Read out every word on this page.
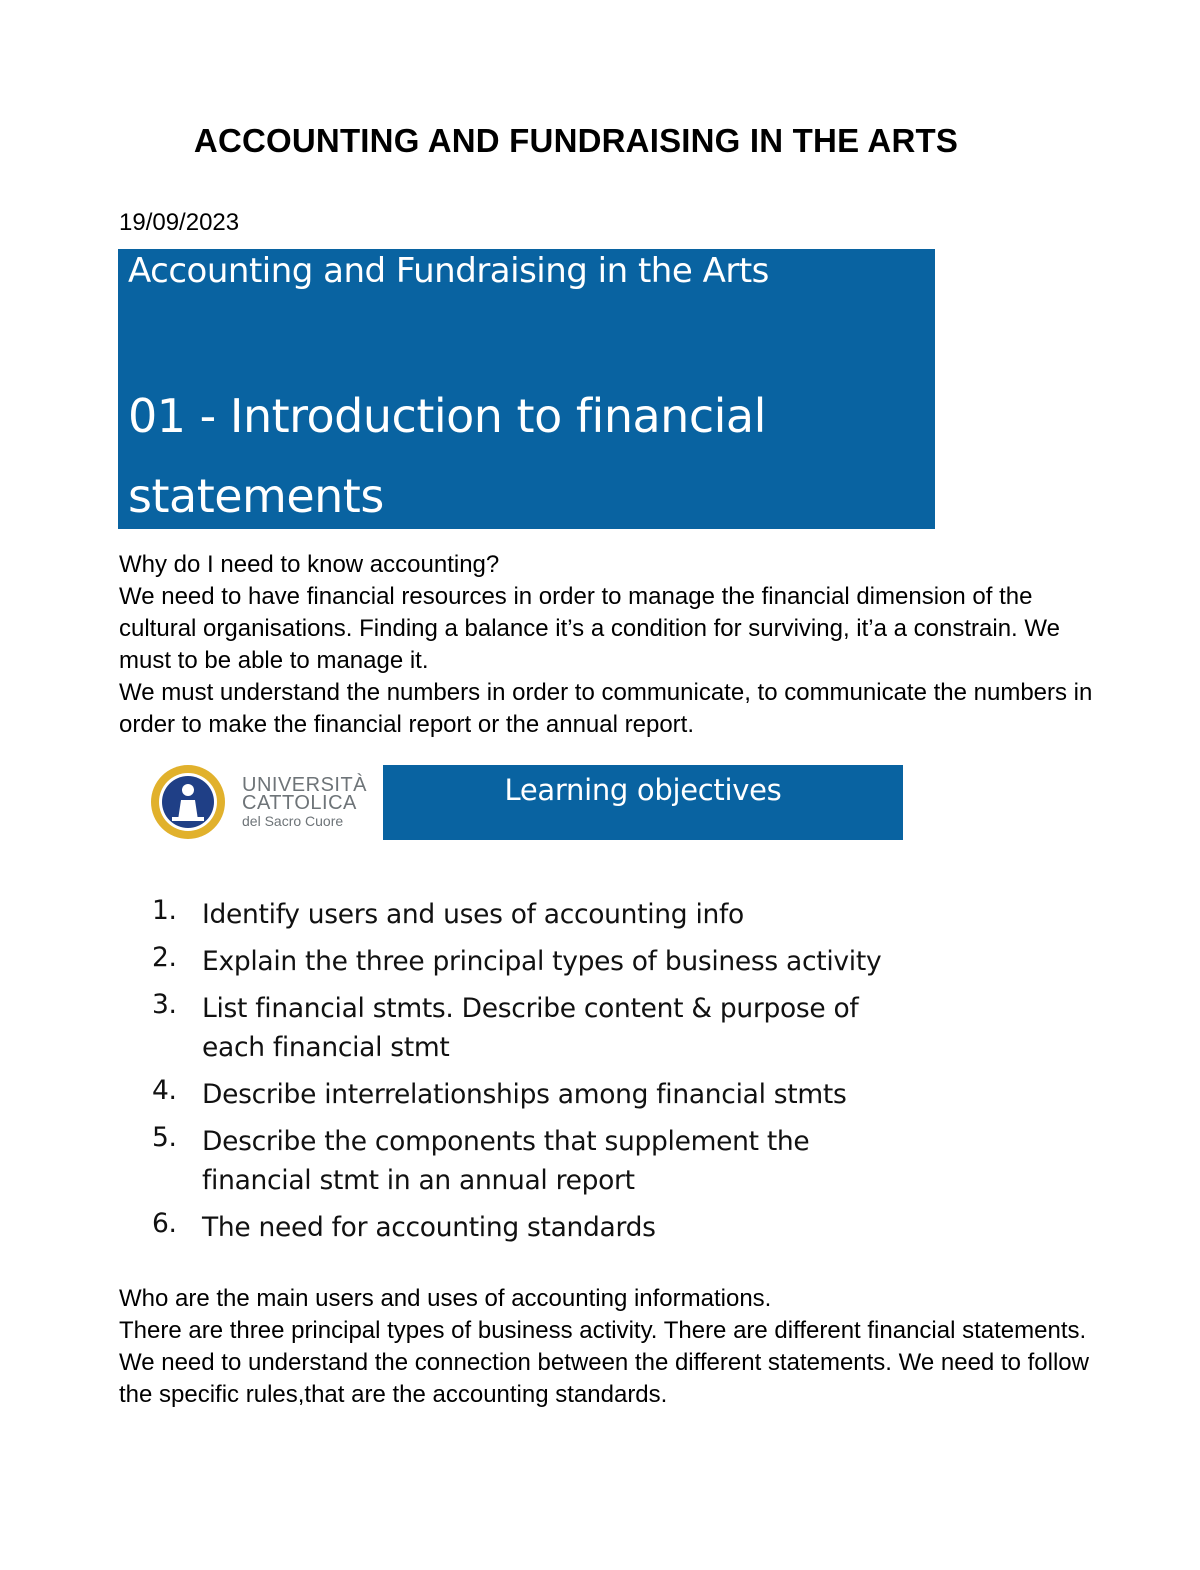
ACCOUNTING AND FUNDRAISING IN THE ARTS
19/09/2023
Accounting and Fundraising in the Arts
01 - Introduction to financial statements

Why do I need to know accounting?

We need to have financial resources in order to manage the financial dimension of the cultural organisations. Finding a balance it’s a condition for surviving, it’a a constrain. We must to be able to manage it.

We must understand the numbers in order to communicate, to communicate the numbers in order to make the financial report or the annual report.

UNIVERSITÀ
CATTOLICA
del Sacro Cuore
Learning objectives
1. Identify users and uses of accounting info
2. Explain the three principal types of business activity
3. List financial stmts. Describe content & purpose of each financial stmt
4. Describe interrelationships among financial stmts
5. Describe the components that supplement the financial stmt in an annual report
6. The need for accounting standards

Who are the main users and uses of accounting informations.

There are three principal types of business activity. There are different financial statements. We need to understand the connection between the different statements. We need to follow the specific rules,that are the accounting standards.
